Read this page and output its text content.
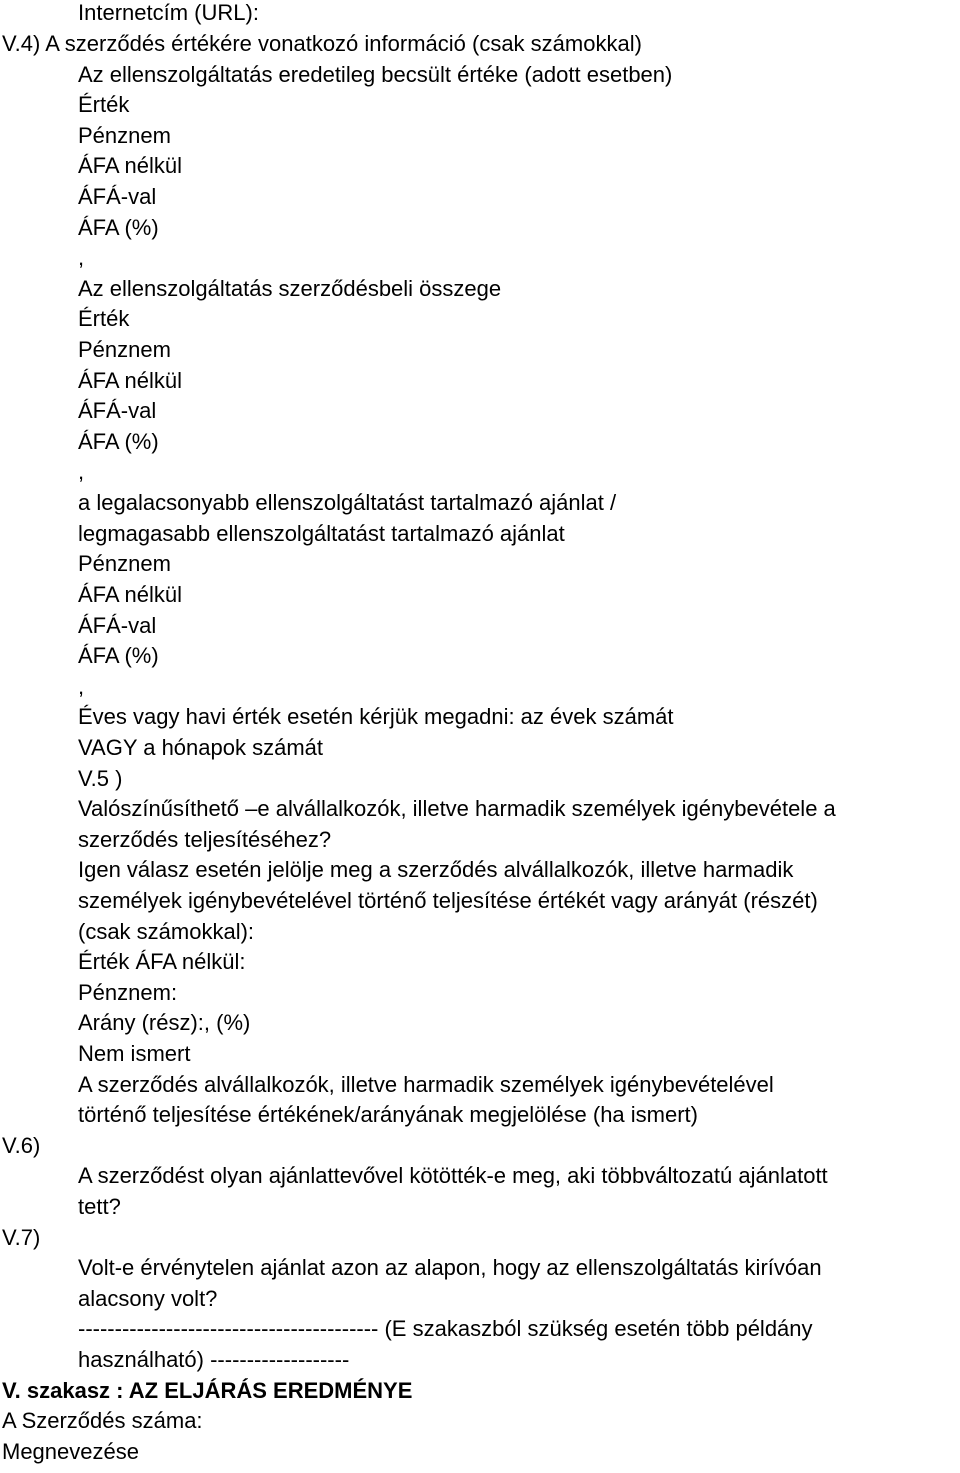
Internetcím (URL):
V.4) A szerződés értékére vonatkozó információ (csak számokkal)
Az ellenszolgáltatás eredetileg becsült értéke (adott esetben)
Érték
Pénznem
ÁFA nélkül
ÁFÁ-val
ÁFA (%)
,
Az ellenszolgáltatás szerződésbeli összege
Érték
Pénznem
ÁFA nélkül
ÁFÁ-val
ÁFA (%)
,
a legalacsonyabb ellenszolgáltatást tartalmazó ajánlat /
legmagasabb ellenszolgáltatást tartalmazó ajánlat
Pénznem
ÁFA nélkül
ÁFÁ-val
ÁFA (%)
,
Éves vagy havi érték esetén kérjük megadni: az évek számát
VAGY a hónapok számát
V.5 )
Valószínűsíthető –e alvállalkozók, illetve harmadik személyek igénybevétele a
szerződés teljesítéséhez?
Igen válasz esetén jelölje meg a szerződés alvállalkozók, illetve harmadik
személyek igénybevételével történő teljesítése értékét vagy arányát (részét)
(csak számokkal):
Érték ÁFA nélkül:
Pénznem:
Arány (rész):, (%)
Nem ismert
A szerződés alvállalkozók, illetve harmadik személyek igénybevételével
történő teljesítése értékének/arányának megjelölése (ha ismert)
V.6)
A szerződést olyan ajánlattevővel kötötték-e meg, aki többváltozatú ajánlatott
tett?
V.7)
Volt-e érvénytelen ajánlat azon az alapon, hogy az ellenszolgáltatás kirívóan
alacsony volt?
----------------------------------------- (E szakaszból szükség esetén több példány
használható) -------------------
V. szakasz : AZ ELJÁRÁS EREDMÉNYE
A Szerződés száma:
Megnevezése
